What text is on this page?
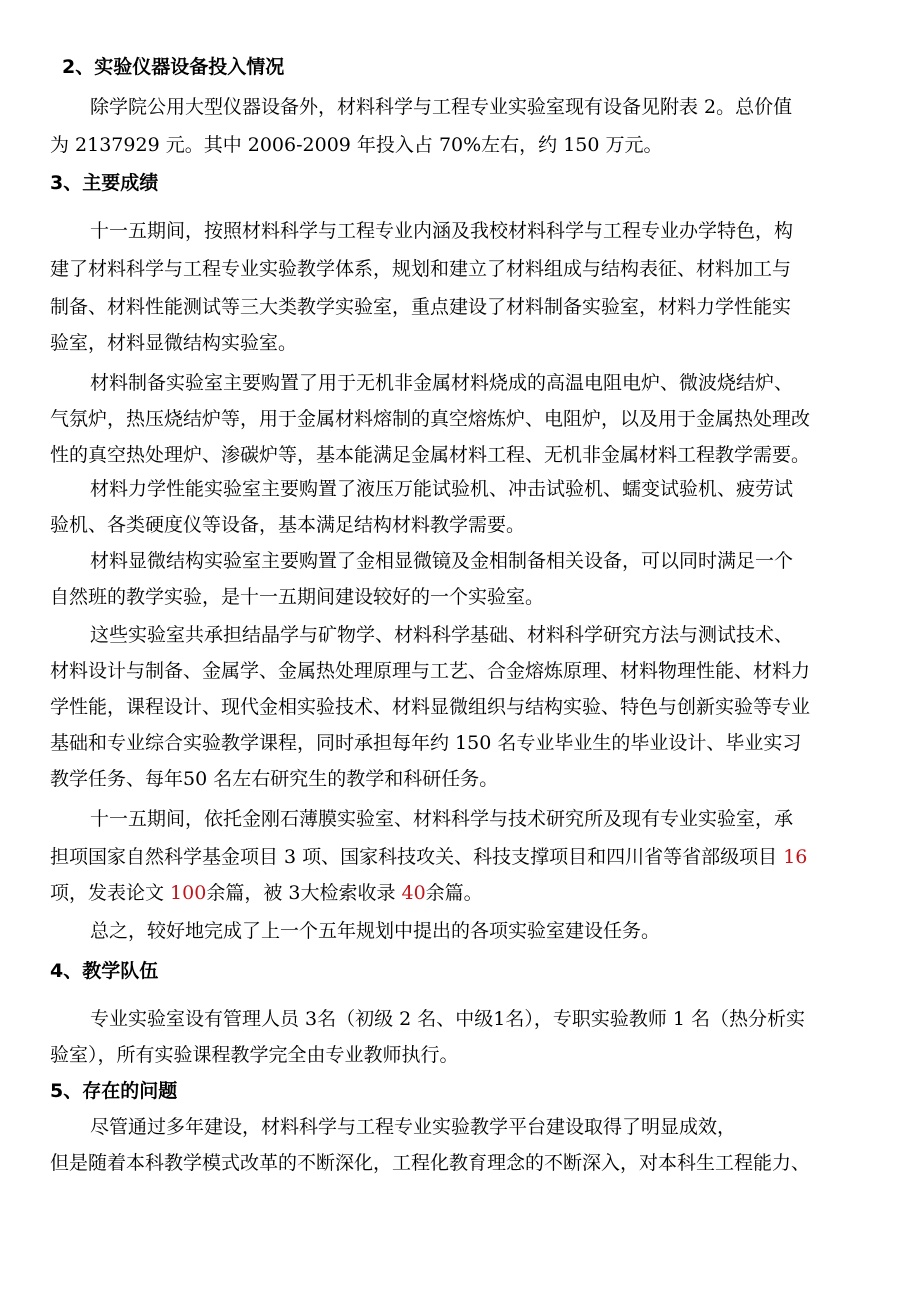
2、实验仪器设备投入情况
除学院公用大型仪器设备外，材料科学与工程专业实验室现有设备见附表 2。总价值
为 2137929 元。其中 2006-2009 年投入占 70%左右，约 150 万元。
3、主要成绩
十一五期间，按照材料科学与工程专业内涵及我校材料科学与工程专业办学特色，构
建了材料科学与工程专业实验教学体系，规划和建立了材料组成与结构表征、材料加工与
制备、材料性能测试等三大类教学实验室，重点建设了材料制备实验室，材料力学性能实
验室，材料显微结构实验室。
材料制备实验室主要购置了用于无机非金属材料烧成的高温电阻电炉、微波烧结炉、
气氛炉，热压烧结炉等，用于金属材料熔制的真空熔炼炉、电阻炉，以及用于金属热处理改
性的真空热处理炉、渗碳炉等，基本能满足金属材料工程、无机非金属材料工程教学需要。
材料力学性能实验室主要购置了液压万能试验机、冲击试验机、蠕变试验机、疲劳试
验机、各类硬度仪等设备，基本满足结构材料教学需要。
材料显微结构实验室主要购置了金相显微镜及金相制备相关设备，可以同时满足一个
自然班的教学实验，是十一五期间建设较好的一个实验室。
这些实验室共承担结晶学与矿物学、材料科学基础、材料科学研究方法与测试技术、
材料设计与制备、金属学、金属热处理原理与工艺、合金熔炼原理、材料物理性能、材料力
学性能，课程设计、现代金相实验技术、材料显微组织与结构实验、特色与创新实验等专业
基础和专业综合实验教学课程，同时承担每年约 150 名专业毕业生的毕业设计、毕业实习
教学任务、每年50 名左右研究生的教学和科研任务。
十一五期间，依托金刚石薄膜实验室、材料科学与技术研究所及现有专业实验室，承
担项国家自然科学基金项目 3 项、国家科技攻关、科技支撑项目和四川省等省部级项目 16
项，发表论文 100余篇，被 3大检索收录 40余篇。
总之，较好地完成了上一个五年规划中提出的各项实验室建设任务。
4、教学队伍
专业实验室设有管理人员 3名（初级 2 名、中级1名），专职实验教师 1 名（热分析实
验室），所有实验课程教学完全由专业教师执行。
5、存在的问题
尽管通过多年建设，材料科学与工程专业实验教学平台建设取得了明显成效，
但是随着本科教学模式改革的不断深化，工程化教育理念的不断深入，对本科生工程能力、
